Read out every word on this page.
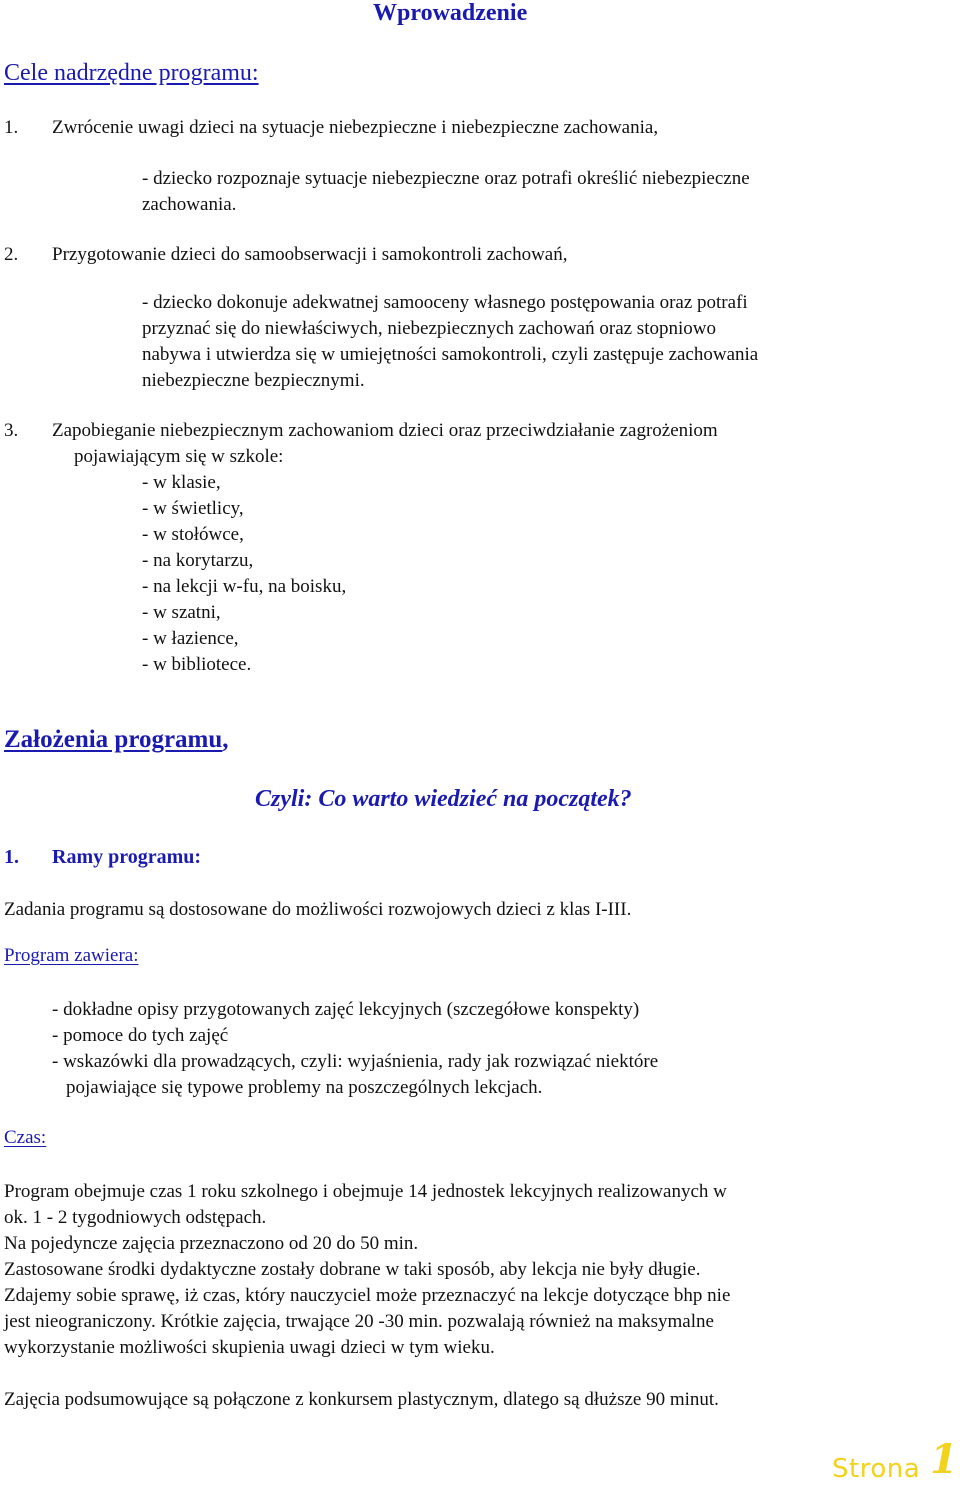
Wprowadzenie
Cele nadrzędne programu:
1. Zwrócenie uwagi dzieci na sytuacje niebezpieczne i niebezpieczne zachowania,
- dziecko rozpoznaje sytuacje niebezpieczne oraz potrafi określić niebezpieczne
zachowania.
2. Przygotowanie dzieci do samoobserwacji i samokontroli zachowań,
- dziecko dokonuje adekwatnej samooceny własnego postępowania oraz potrafi
przyznać się do niewłaściwych, niebezpiecznych zachowań oraz stopniowo
nabywa i utwierdza się w umiejętności samokontroli, czyli zastępuje zachowania
niebezpieczne bezpiecznymi.
3. Zapobieganie niebezpiecznym zachowaniom dzieci oraz przeciwdziałanie zagrożeniom
pojawiającym się w szkole:
- w klasie,
- w świetlicy,
- w stołówce,
- na korytarzu,
- na lekcji w-fu, na boisku,
- w szatni,
- w łazience,
- w bibliotece.
Założenia programu,
Czyli: Co warto wiedzieć na początek?
1. Ramy programu:
Zadania programu są dostosowane do możliwości rozwojowych dzieci z klas I-III.
Program zawiera:
- dokładne opisy przygotowanych zajęć lekcyjnych (szczegółowe konspekty)
- pomoce do tych zajęć
- wskazówki dla prowadzących, czyli: wyjaśnienia, rady jak rozwiązać niektóre
pojawiające się typowe problemy na poszczególnych lekcjach.
Czas:
Program obejmuje czas 1 roku szkolnego i obejmuje 14 jednostek lekcyjnych realizowanych w
ok. 1 - 2 tygodniowych odstępach.
Na pojedyncze zajęcia przeznaczono od 20 do 50 min.
Zastosowane środki dydaktyczne zostały dobrane w taki sposób, aby lekcja nie były długie.
Zdajemy sobie sprawę, iż czas, który nauczyciel może przeznaczyć na lekcje dotyczące bhp nie
jest nieograniczony. Krótkie zajęcia, trwające 20 -30 min. pozwalają również na maksymalne
wykorzystanie możliwości skupienia uwagi dzieci w tym wieku.
Zajęcia podsumowujące są połączone z konkursem plastycznym, dlatego są dłuższe 90 minut.
Strona 1
